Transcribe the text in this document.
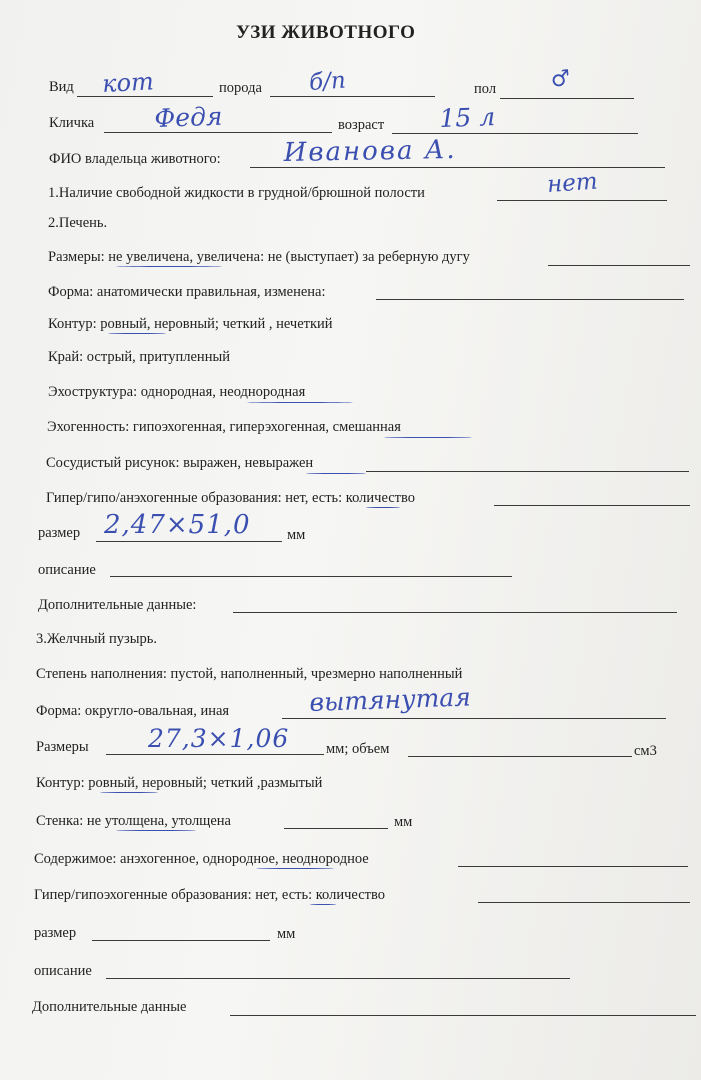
УЗИ ЖИВОТНОГО
Вид кот	порода б/п	пол ♂
Кличка Федя	возраст 15 л
ФИО владельца животного: Иванова А.
1.Наличие свободной жидкости в грудной/брюшной полости	нет
2.Печень.
Размеры: не увеличена, увеличена: не (выступает) за реберную дугу
Форма: анатомически правильная, изменена:
Контур: ровный, неровный; четкий , нечеткий
Край: острый, притупленный
Эхоструктура: однородная, неоднородная
Эхогенность: гипоэхогенная, гиперэхогенная, смешанная
Сосудистый рисунок: выражен, невыражен
Гипер/гипо/анэхогенные образования: нет, есть: количество
размер 2,47×51,0	мм
описание
Дополнительные данные:
3.Желчный пузырь.
Степень наполнения: пустой, наполненный, чрезмерно наполненный
Форма: округло-овальная, иная	вытянутая
Размеры 27,3×1,06	мм; объем	см3
Контур: ровный, неровный; четкий ,размытый
Стенка: не утолщена, утолщена	мм
Содержимое: анэхогенное, однородное, неоднородное
Гипер/гипоэхогенные образования: нет, есть: количество
размер	мм
описание
Дополнительные данные
